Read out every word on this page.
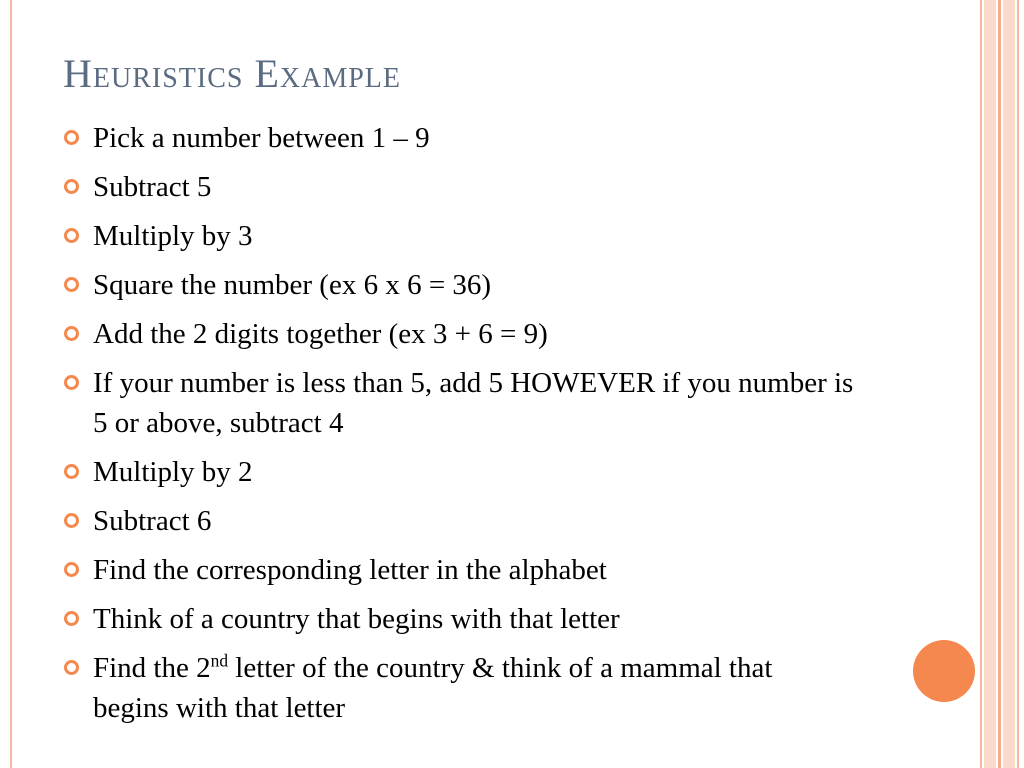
Heuristics Example
Pick a number between 1 – 9
Subtract 5
Multiply by 3
Square the number (ex 6 x 6 = 36)
Add the 2 digits together (ex 3 + 6 = 9)
If your number is less than 5, add 5 HOWEVER if you number is 5 or above, subtract 4
Multiply by 2
Subtract 6
Find the corresponding letter in the alphabet
Think of a country that begins with that letter
Find the 2nd letter of the country & think of a mammal that begins with that letter
